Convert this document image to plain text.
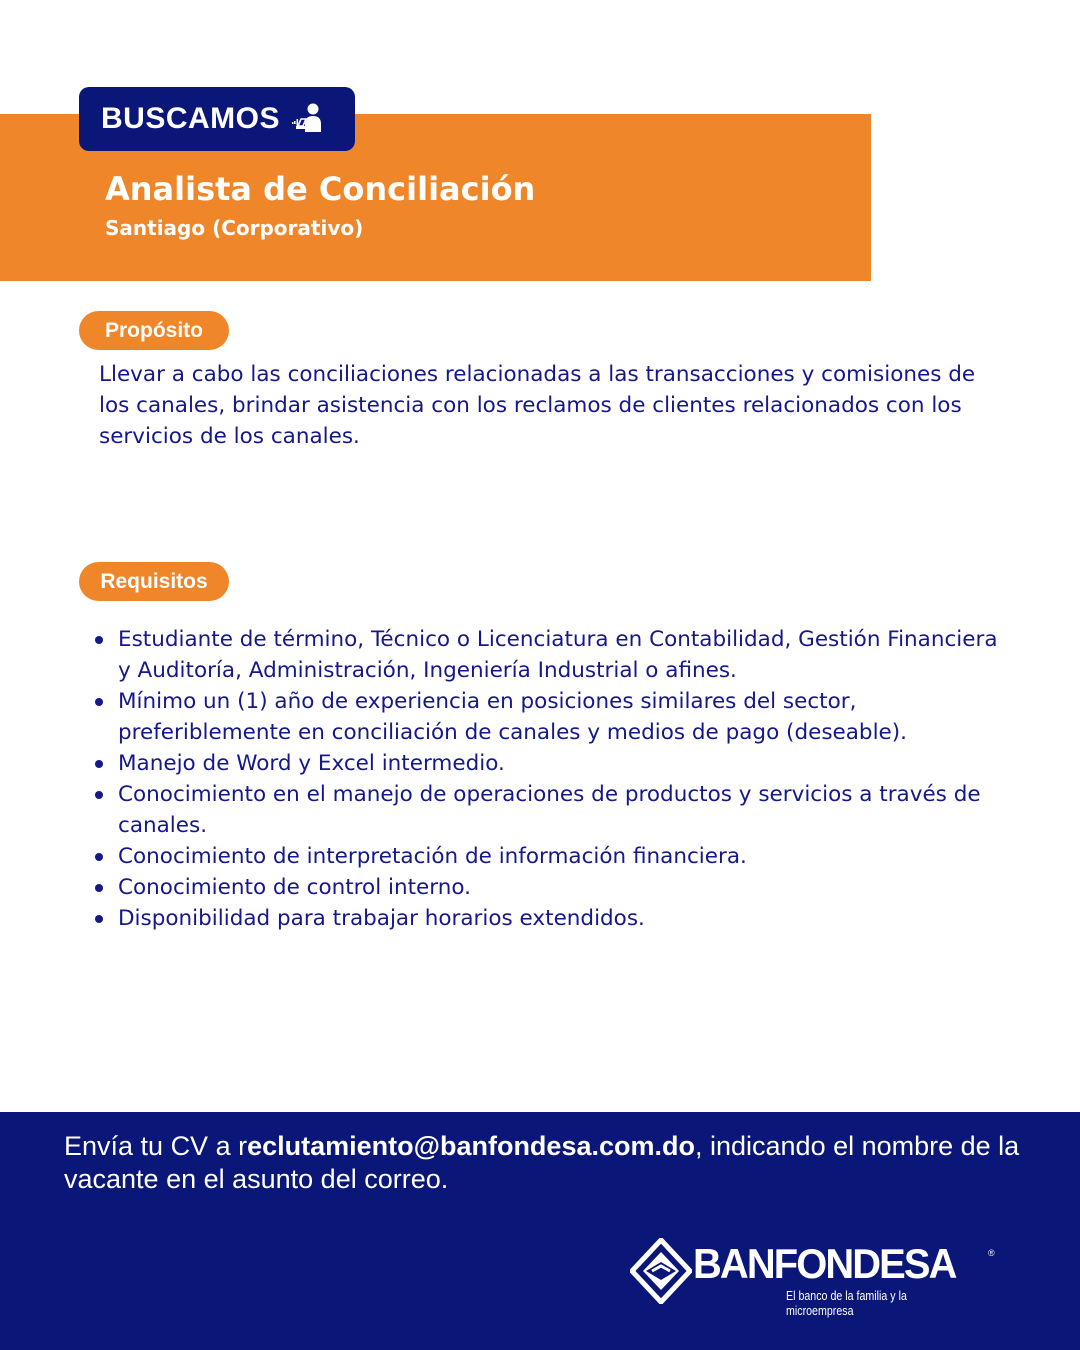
BUSCAMOS
Analista de Conciliación
Santiago (Corporativo)
Propósito
Llevar a cabo las conciliaciones relacionadas a las transacciones y comisiones de los canales, brindar asistencia con los reclamos de clientes relacionados con los servicios de los canales.
Requisitos
Estudiante de término, Técnico o Licenciatura en Contabilidad, Gestión Financiera y Auditoría, Administración, Ingeniería Industrial o afines.
Mínimo un (1) año de experiencia en posiciones similares del sector, preferiblemente en conciliación de canales y medios de pago (deseable).
Manejo de Word y Excel intermedio.
Conocimiento en el manejo de operaciones de productos y servicios a través de canales.
Conocimiento de interpretación de información financiera.
Conocimiento de control interno.
Disponibilidad para trabajar horarios extendidos.
Envía tu CV a reclutamiento@banfondesa.com.do, indicando el nombre de la vacante en el asunto del correo.
BANFONDESA	®
El banco de la familia y la microempresa
